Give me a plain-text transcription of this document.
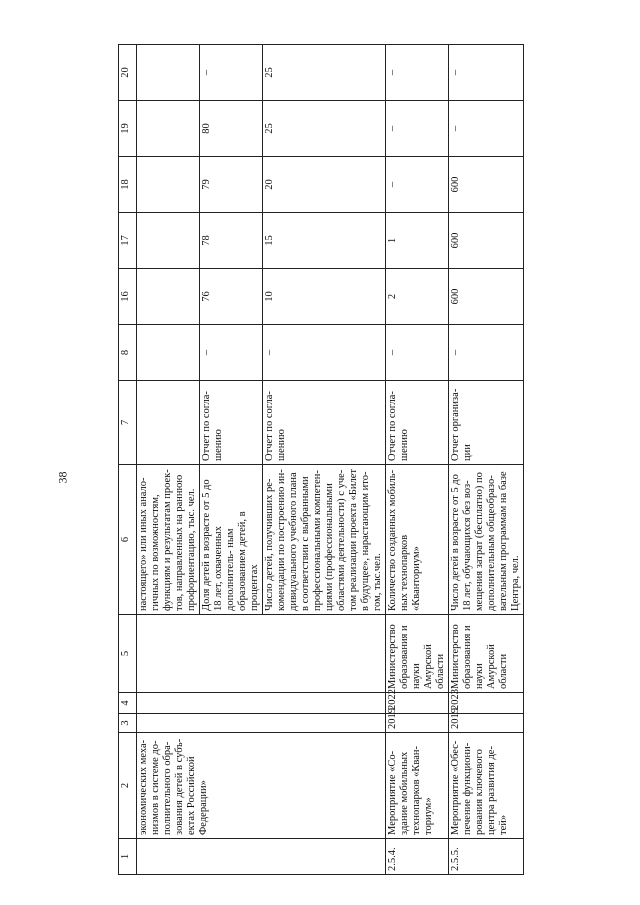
38
1	2	3	4	5	6	7	8	16	17	18	19	20
	экономических меха- низмов в системе до- полнительного обра- зования детей в субъ- ектах Российской Федерации»				настоящего» или иных анало- гичных по возможностям, функциям и результатам проек- тов, направленных на раннюю профориентацию, тыс. чел.							
					Доля детей в возрасте от 5 до 18 лет, охваченных дополнитель- ным образованием детей, в процентах	Отчет по согла- шению	–	76	78	79	80	–
					Число детей, получивших ре- комендации по построению ин- дивидуального учебного плана в соответствии с выбранными профессиональными компетен- циями (профессиональными областями деятельности) с уче- том реализации проекта «Билет в будущее», нарастающим ито- гом, тыс.чел.	Отчет по согла- шению	–	10	15	20	25	25
2.5.4.	Мероприятие «Со- здание мобильных технопарков «Кван- ториум»	2019	2022	Министерство образования и науки Амурской области	Количество созданных мобиль- ных технопарков «Кванториум»	Отчет по согла- шению	–	2	1	–	–	–
2.5.5.	Мероприятие «Обес- печение функциони- рования ключевого центра развития де- тей»	2019	2023	Министерство образования и науки Амурской области	Число детей в возрасте от 5 до 18 лет, обучающихся без воз- мещения затрат (бесплатно) по дополнительным общеобразо- вательным программам на базе Центра, чел.	Отчет организа- ции	–	600	600	600	–	–
